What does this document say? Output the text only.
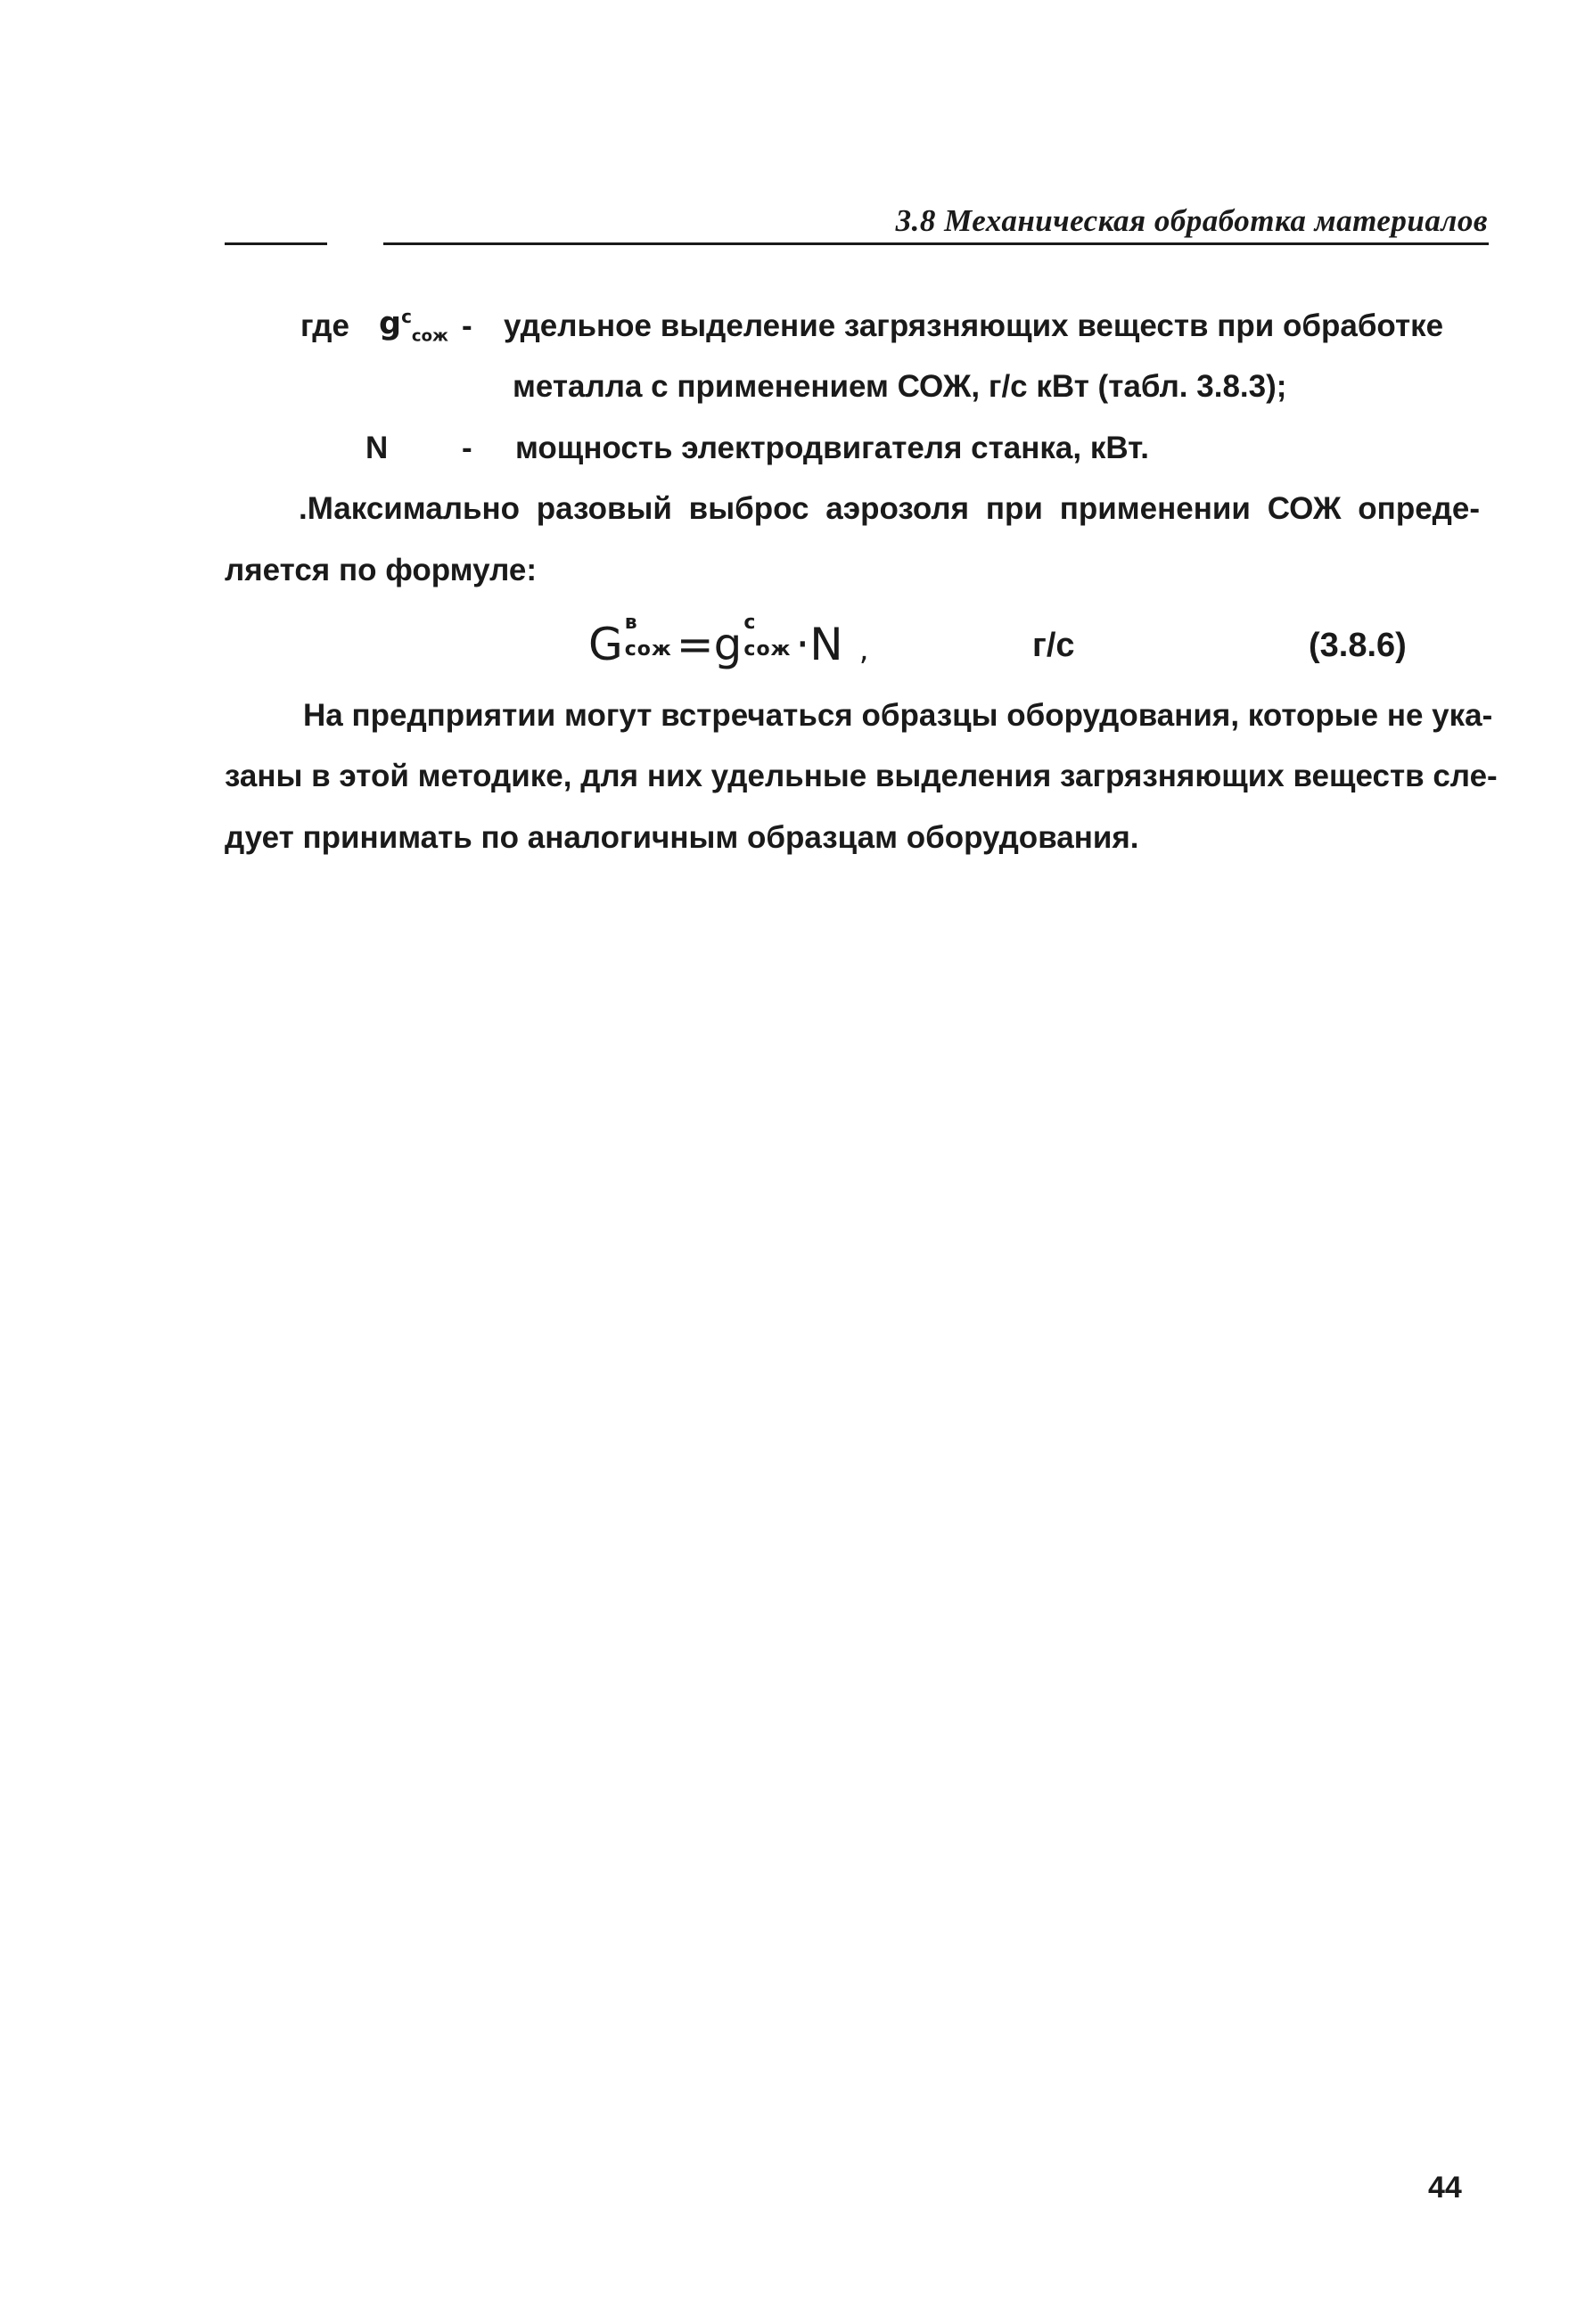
3.8 Механическая обработка материалов
где $g^с_{сож}$ - удельное выделение загрязняющих веществ при обработке
металла с применением СОЖ, г/с кВт (табл. 3.8.3);
N - мощность электродвигателя станка, кВт.
.Максимально разовый выброс аэрозоля при применении СОЖ опреде-
ляется по формуле:
G в
сож =g с
сож ·N ,	г/с	(3.8.6)
На предприятии могут встречаться образцы оборудования, которые не ука-
заны в этой методике, для них удельные выделения загрязняющих веществ сле-
дует принимать по аналогичным образцам оборудования.
44
